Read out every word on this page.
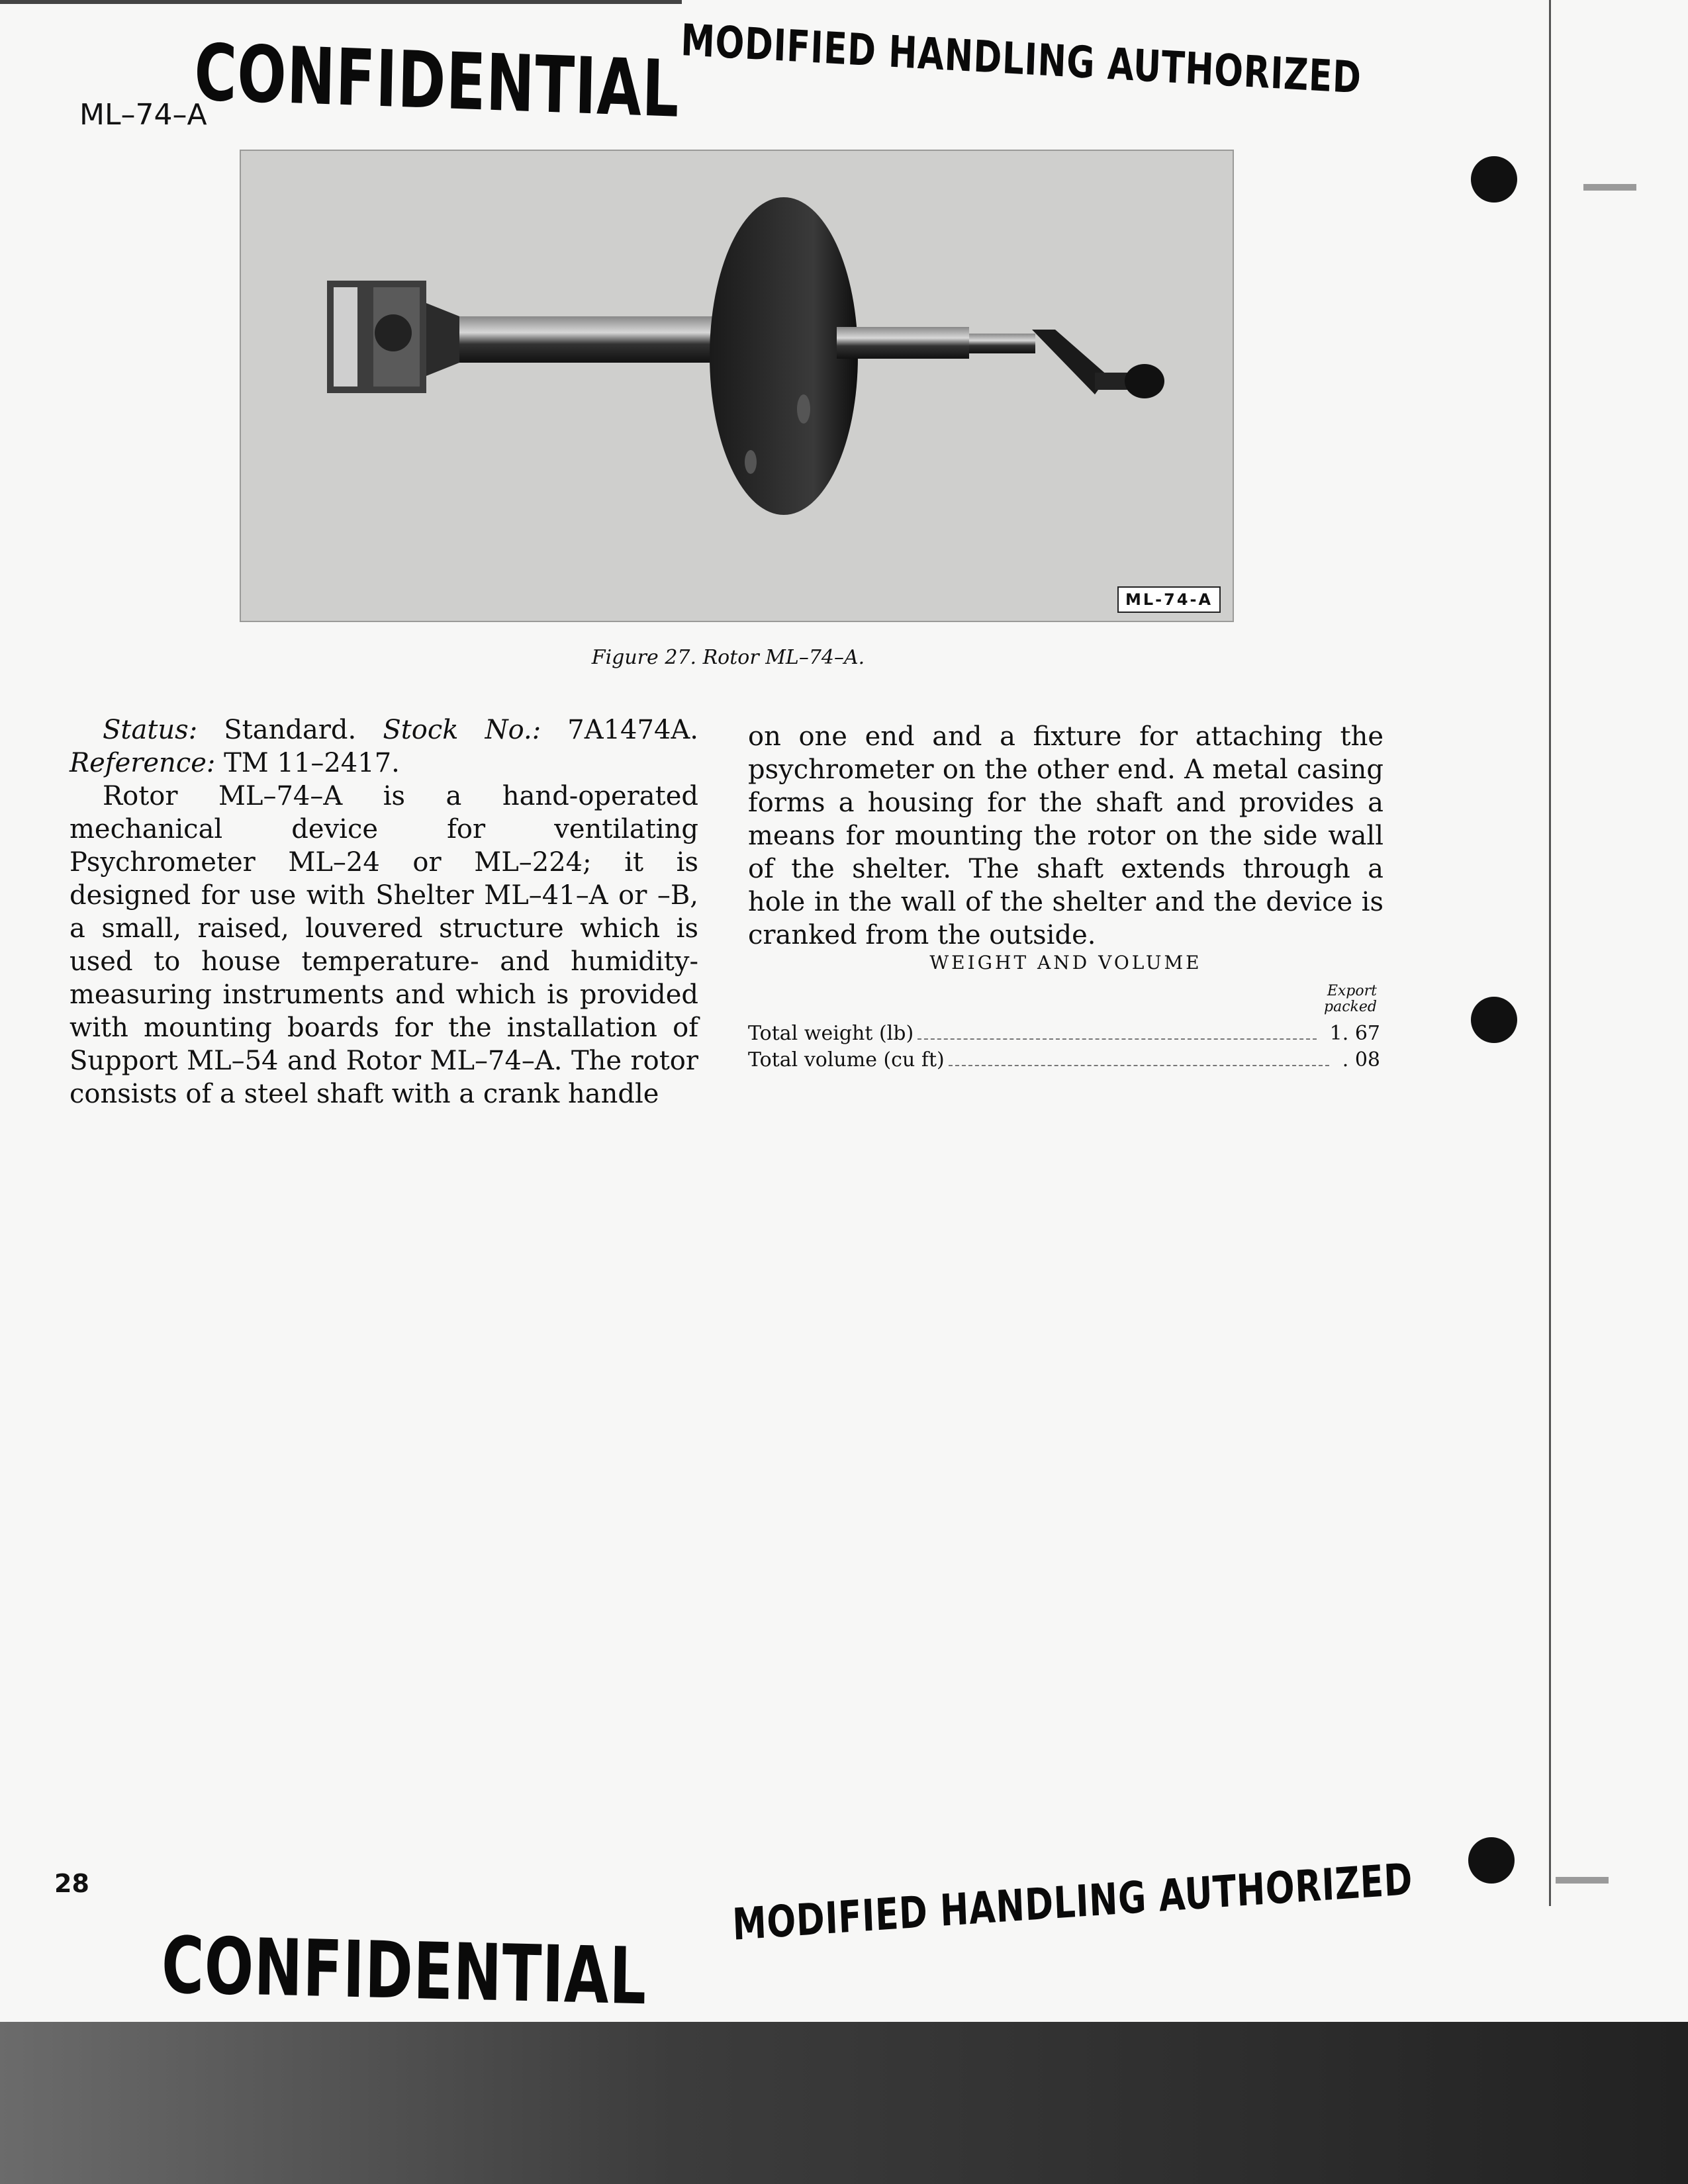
CONFIDENTIAL MODIFIED HANDLING AUTHORIZED
ML–74–A
ML-74-A
Figure 27. Rotor ML–74–A.

Status: Standard. Stock No.: 7A1474A. Reference: TM 11–2417.

Rotor ML–74–A is a hand-operated mechanical device for ventilating Psychrometer ML–24 or ML–224; it is designed for use with Shelter ML–41–A or –B, a small, raised, louvered structure which is used to house temperature- and humidity-measuring instruments and which is provided with mounting boards for the installation of Support ML–54 and Rotor ML–74–A. The rotor consists of a steel shaft with a crank handle

on one end and a fixture for attaching the psychrometer on the other end. A metal casing forms a housing for the shaft and provides a means for mounting the rotor on the side wall of the shelter. The shaft extends through a hole in the wall of the shelter and the device is cranked from the outside.

WEIGHT AND VOLUME
Export
packed
Total weight (lb)	1. 67
Total volume (cu ft)	. 08
28
CONFIDENTIAL
MODIFIED HANDLING AUTHORIZED
